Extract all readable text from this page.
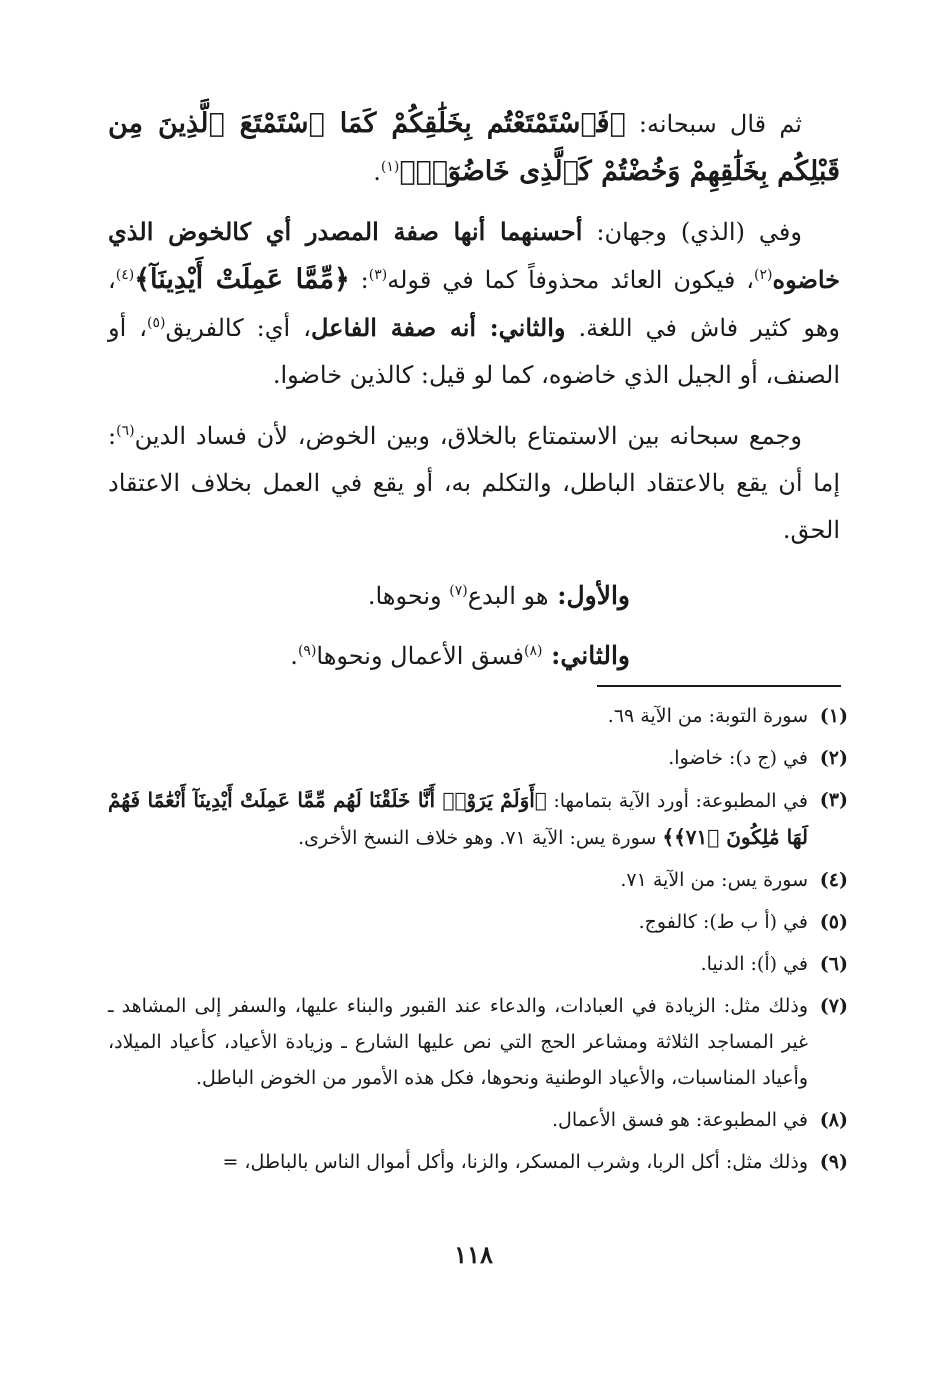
ثم قال سبحانه: ﴿فَٱسْتَمْتَعْتُم بِخَلَٰقِكُمْ كَمَا ٱسْتَمْتَعَ ٱلَّذِينَ مِن قَبْلِكُم بِخَلَٰقِهِمْ وَخُضْتُمْ كَٱلَّذِى خَاضُوٓا۟﴾$^{(١)}$.

وفي (الذي) وجهان: أحسنهما أنها صفة المصدر أي كالخوض الذي خاضوه$^{(٢)}$، فيكون العائد محذوفاً كما في قوله$^{(٣)}$: ﴿مِّمَّا عَمِلَتْ أَيْدِينَآ﴾$^{(٤)}$، وهو كثير فاش في اللغة. والثاني: أنه صفة الفاعل، أي: كالفريق$^{(٥)}$، أو الصنف، أو الجيل الذي خاضوه، كما لو قيل: كالذين خاضوا.

وجمع سبحانه بين الاستمتاع بالخلاق، وبين الخوض، لأن فساد الدين$^{(٦)}$: إما أن يقع بالاعتقاد الباطل، والتكلم به، أو يقع في العمل بخلاف الاعتقاد الحق.

والأول: هو البدع$^{(٧)}$ ونحوها.

والثاني: $^{(٨)}$فسق الأعمال ونحوها$^{(٩)}$.

(١)
سورة التوبة: من الآية ٦٩.
(٢)
في (ج د): خاضوا.
(٣)
في المطبوعة: أورد الآية بتمامها: ﴿أَوَلَمْ يَرَوْا۟ أَنَّا خَلَقْنَا لَهُم مِّمَّا عَمِلَتْ أَيْدِينَآ أَنْعَٰمًا فَهُمْ لَهَا مَٰلِكُونَ ﴿٧١﴾﴾ سورة يس: الآية ٧١. وهو خلاف النسخ الأخرى.
(٤)
سورة يس: من الآية ٧١.
(٥)
في (أ ب ط): كالفوج.
(٦)
في (أ): الدنيا.
(٧)
وذلك مثل: الزيادة في العبادات، والدعاء عند القبور والبناء عليها، والسفر إلى المشاهد ـ غير المساجد الثلاثة ومشاعر الحج التي نص عليها الشارع ـ وزيادة الأعياد، كأعياد الميلاد، وأعياد المناسبات، والأعياد الوطنية ونحوها، فكل هذه الأمور من الخوض الباطل.
(٨)
في المطبوعة: هو فسق الأعمال.
(٩)
وذلك مثل: أكل الربا، وشرب المسكر، والزنا، وأكل أموال الناس بالباطل، =
١١٨
